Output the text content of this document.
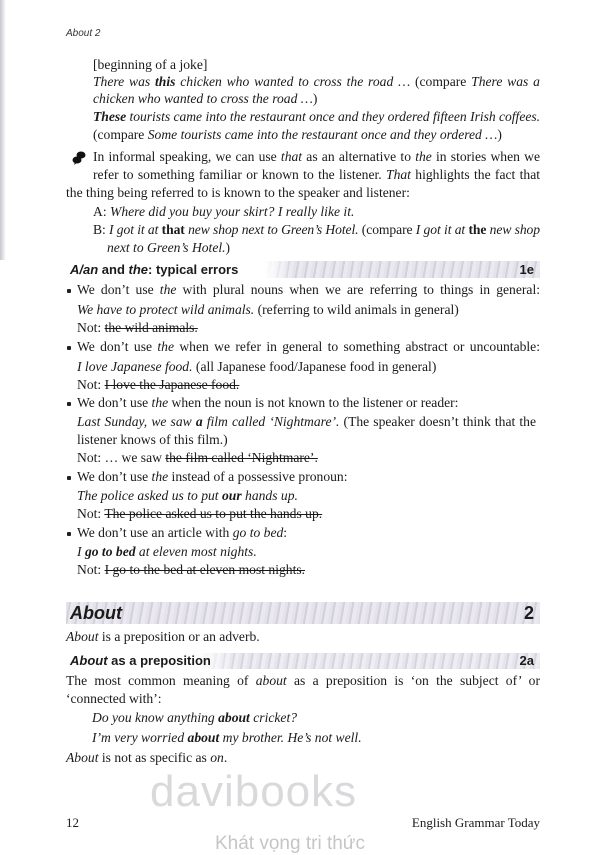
About 2
[beginning of a joke]
There was this chicken who wanted to cross the road … (compare There was a
chicken who wanted to cross the road …)
These tourists came into the restaurant once and they ordered fifteen Irish coffees.
(compare Some tourists came into the restaurant once and they ordered …)
In informal speaking, we can use that as an alternative to the in stories when we
refer to something familiar or known to the listener. That highlights the fact that
the thing being referred to is known to the speaker and listener:
A: Where did you buy your skirt? I really like it.
B: I got it at that new shop next to Green’s Hotel. (compare I got it at the new shop
next to Green’s Hotel.)
A/an and the: typical errors	1e
We don’t use the with plural nouns when we are referring to things in general:
We have to protect wild animals. (referring to wild animals in general)
Not: the wild animals.
We don’t use the when we refer in general to something abstract or uncountable:
I love Japanese food. (all Japanese food/Japanese food in general)
Not: I love the Japanese food.
We don’t use the when the noun is not known to the listener or reader:
Last Sunday, we saw a film called ‘Nightmare’. (The speaker doesn’t think that the
listener knows of this film.)
Not: … we saw the film called ‘Nightmare’.
We don’t use the instead of a possessive pronoun:
The police asked us to put our hands up.
Not: The police asked us to put the hands up.
We don’t use an article with go to bed:
I go to bed at eleven most nights.
Not: I go to the bed at eleven most nights.
About	2
About is a preposition or an adverb.
About as a preposition	2a
The most common meaning of about as a preposition is ‘on the subject of’ or
‘connected with’:
Do you know anything about cricket?
I’m very worried about my brother. He’s not well.
About is not as specific as on.
davibooks
12	English Grammar Today
Khát vọng tri thức
